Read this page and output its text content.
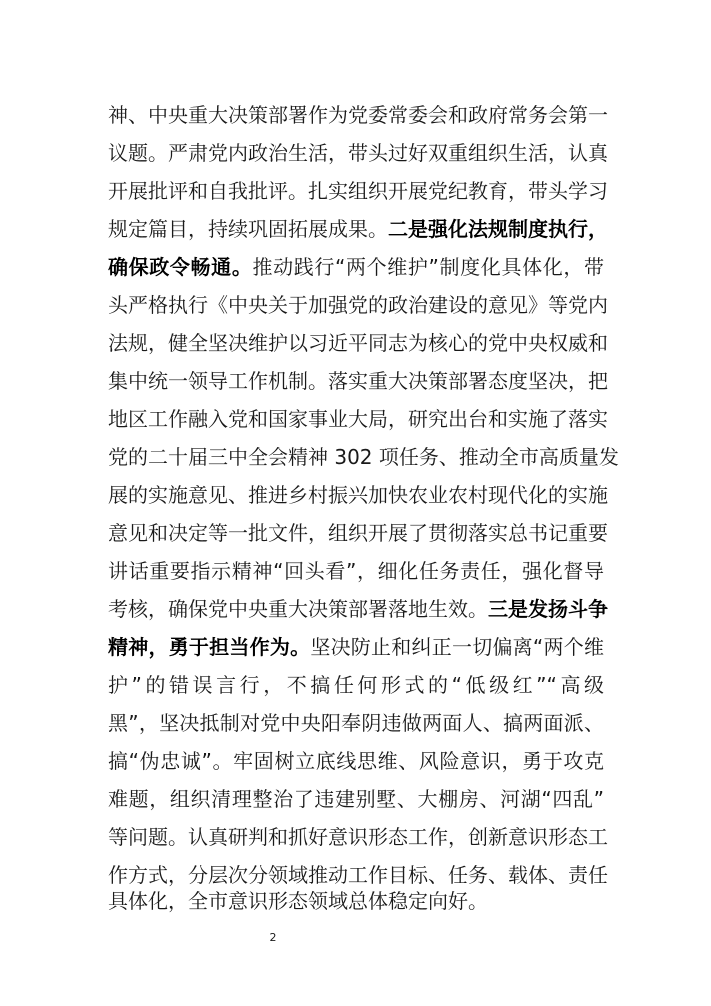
神、中央重大决策部署作为党委常委会和政府常务会第一
议题。严肃党内政治生活，带头过好双重组织生活，认真
开展批评和自我批评。扎实组织开展党纪教育，带头学习
规定篇目，持续巩固拓展成果。二是强化法规制度执行，
确保政令畅通。推动践行“两个维护”制度化具体化，带
头严格执行《中央关于加强党的政治建设的意见》等党内
法规，健全坚决维护以习近平同志为核心的党中央权威和
集中统一领导工作机制。落实重大决策部署态度坚决，把
地区工作融入党和国家事业大局，研究出台和实施了落实
党的二十届三中全会精神 302 项任务、推动全市高质量发
展的实施意见、推进乡村振兴加快农业农村现代化的实施
意见和决定等一批文件，组织开展了贯彻落实总书记重要
讲话重要指示精神“回头看”，细化任务责任，强化督导
考核，确保党中央重大决策部署落地生效。三是发扬斗争
精神，勇于担当作为。坚决防止和纠正一切偏离“两个维
护”的错误言行，不搞任何形式的“低级红”“高级
黑”，坚决抵制对党中央阳奉阴违做两面人、搞两面派、
搞“伪忠诚”。牢固树立底线思维、风险意识，勇于攻克
难题，组织清理整治了违建别墅、大棚房、河湖“四乱”
等问题。认真研判和抓好意识形态工作，创新意识形态工
作方式，分层次分领域推动工作目标、任务、载体、责任
具体化，全市意识形态领域总体稳定向好。
2
